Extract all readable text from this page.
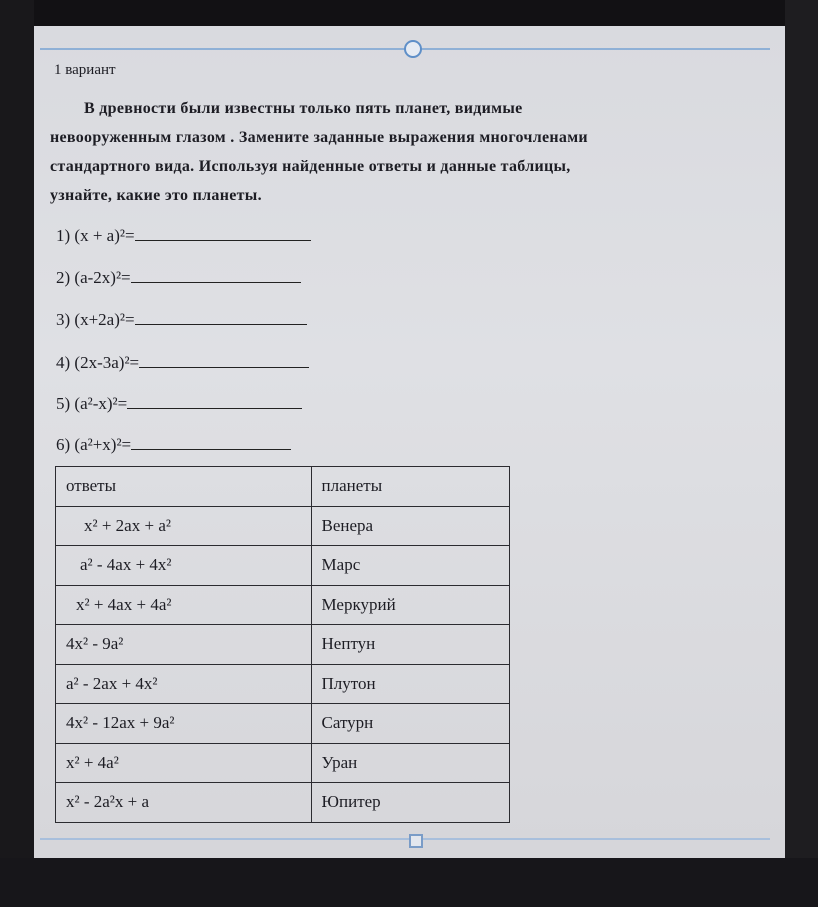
1 вариант
В древности были известны только пять планет, видимые
невооруженным глазом . Замените заданные выражения многочленами
стандартного вида. Используя найденные ответы и данные таблицы,
узнайте, какие это планеты.
1) (x + a)²=
2) (a-2x)²=
3) (x+2a)²=
4) (2x-3a)²=
5) (a²-x)²=
6) (a²+x)²=
ответы	планеты
x² + 2ax + a²	Венера
a² - 4ax + 4x²	Марс
x² + 4ax + 4a²	Меркурий
4x² - 9a²	Нептун
a² - 2ax + 4x²	Плутон
4x² - 12ax + 9a²	Сатурн
x² + 4a²	Уран
x² - 2a²x + a	Юпитер
